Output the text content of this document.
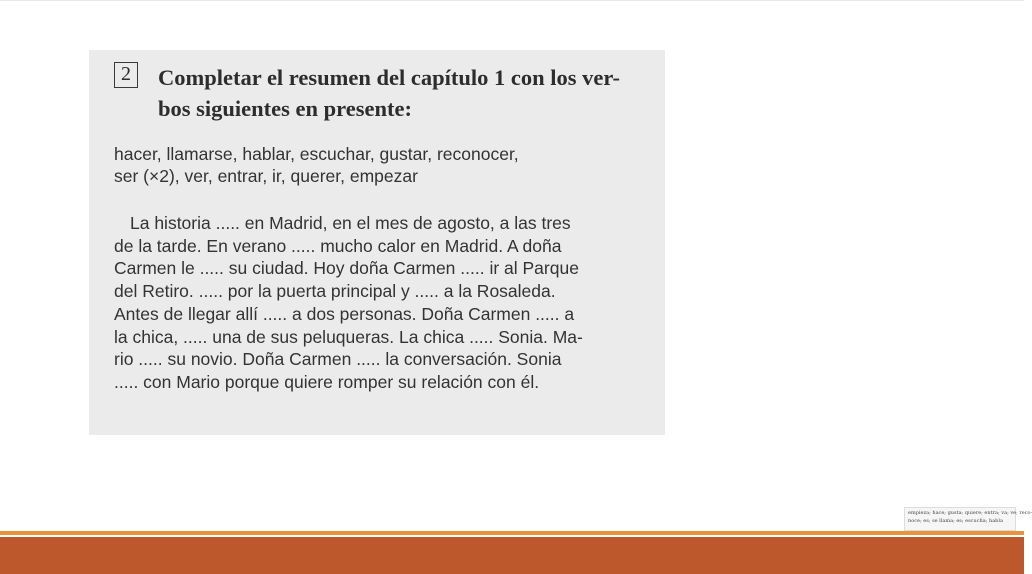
2	Completar el resumen del capítulo 1 con los ver-
bos siguientes en presente:
hacer, llamarse, hablar, escuchar, gustar, reconocer,
ser (×2), ver, entrar, ir, querer, empezar
La historia ..... en Madrid, en el mes de agosto, a las tres
de la tarde. En verano ..... mucho calor en Madrid. A doña
Carmen le ..... su ciudad. Hoy doña Carmen ..... ir al Parque
del Retiro. ..... por la puerta principal y ..... a la Rosaleda.
Antes de llegar allí ..... a dos personas. Doña Carmen ..... a
la chica, ..... una de sus peluqueras. La chica ..... Sonia. Ma-
rio ..... su novio. Doña Carmen ..... la conversación. Sonia
..... con Mario porque quiere romper su relación con él.
empieza; hace; gusta; quiere; entra; va; ve; reco-
noce; es; se llama; es; escucha; habla
